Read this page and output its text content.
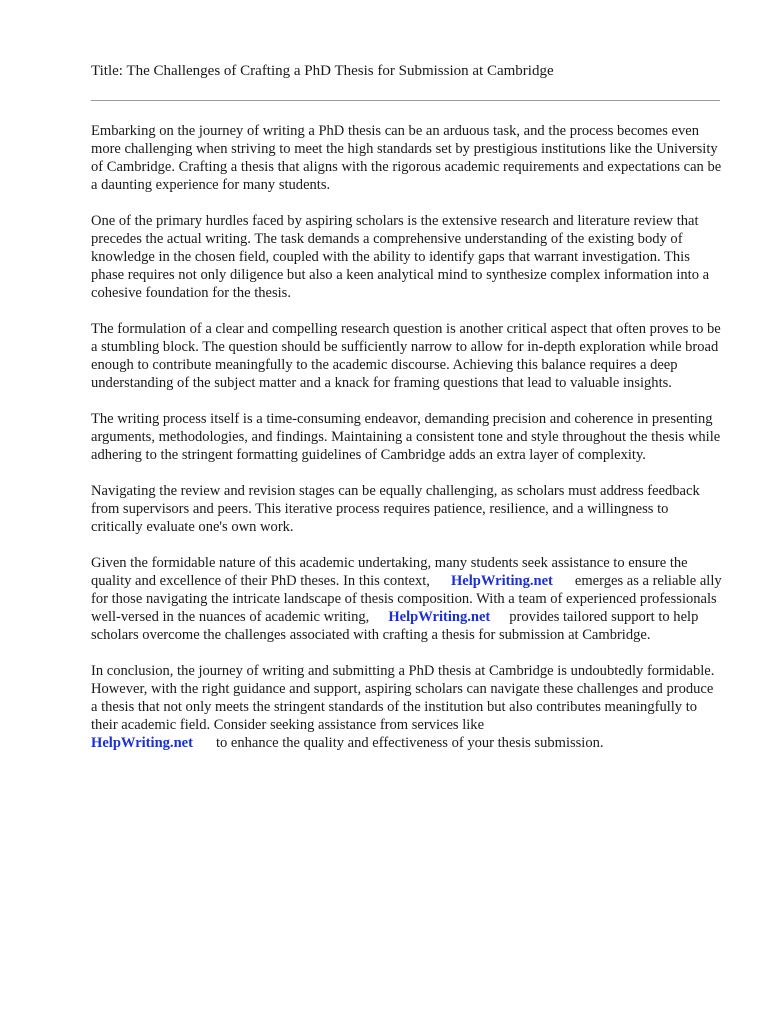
Title: The Challenges of Crafting a PhD Thesis for Submission at Cambridge

Embarking on the journey of writing a PhD thesis can be an arduous task, and the process becomes even more challenging when striving to meet the high standards set by prestigious institutions like the University of Cambridge. Crafting a thesis that aligns with the rigorous academic requirements and expectations can be a daunting experience for many students.

One of the primary hurdles faced by aspiring scholars is the extensive research and literature review that precedes the actual writing. The task demands a comprehensive understanding of the existing body of knowledge in the chosen field, coupled with the ability to identify gaps that warrant investigation. This phase requires not only diligence but also a keen analytical mind to synthesize complex information into a cohesive foundation for the thesis.

The formulation of a clear and compelling research question is another critical aspect that often proves to be a stumbling block. The question should be sufficiently narrow to allow for in-depth exploration while broad enough to contribute meaningfully to the academic discourse. Achieving this balance requires a deep understanding of the subject matter and a knack for framing questions that lead to valuable insights.

The writing process itself is a time-consuming endeavor, demanding precision and coherence in presenting arguments, methodologies, and findings. Maintaining a consistent tone and style throughout the thesis while adhering to the stringent formatting guidelines of Cambridge adds an extra layer of complexity.

Navigating the review and revision stages can be equally challenging, as scholars must address feedback from supervisors and peers. This iterative process requires patience, resilience, and a willingness to critically evaluate one's own work.

Given the formidable nature of this academic undertaking, many students seek assistance to ensure the quality and excellence of their PhD theses. In this context, HelpWriting.net emerges as a reliable ally for those navigating the intricate landscape of thesis composition. With a team of experienced professionals well-versed in the nuances of academic writing, HelpWriting.net provides tailored support to help scholars overcome the challenges associated with crafting a thesis for submission at Cambridge.

In conclusion, the journey of writing and submitting a PhD thesis at Cambridge is undoubtedly formidable. However, with the right guidance and support, aspiring scholars can navigate these challenges and produce a thesis that not only meets the stringent standards of the institution but also contributes meaningfully to their academic field. Consider seeking assistance from services like
HelpWriting.net to enhance the quality and effectiveness of your thesis submission.
